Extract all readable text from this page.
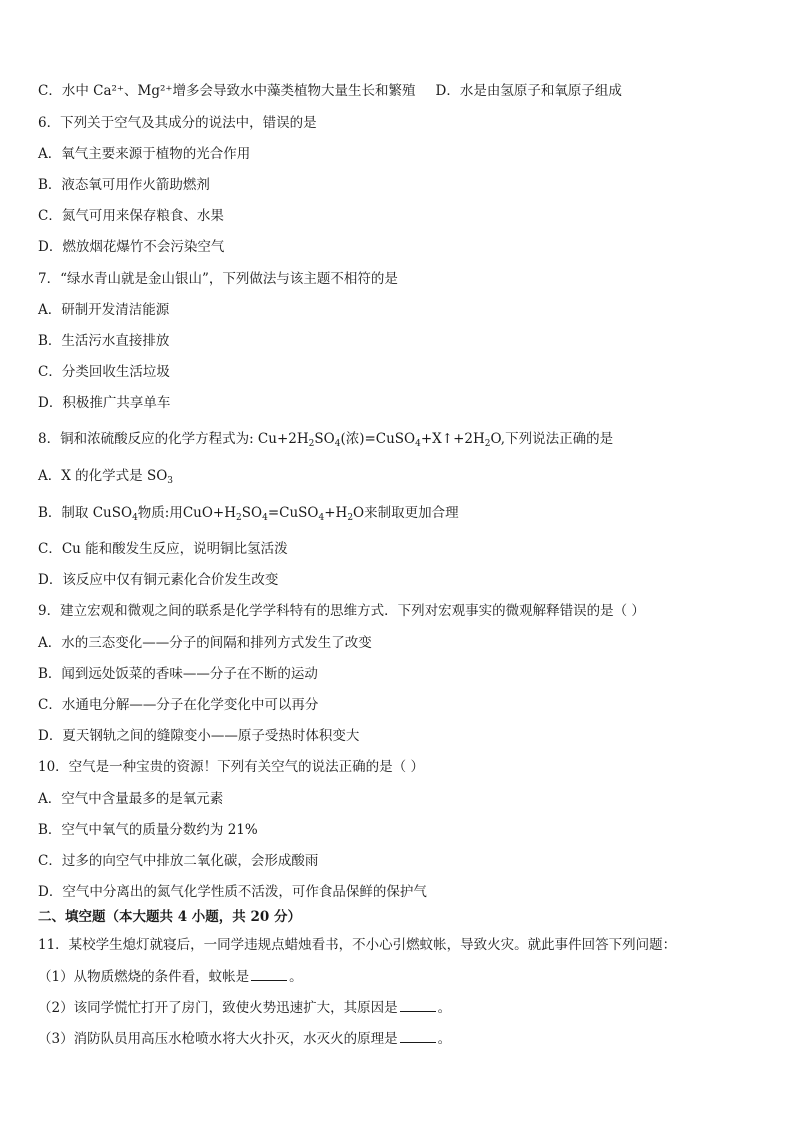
C．水中 Ca²⁺、Mg²⁺增多会导致水中藻类植物大量生长和繁殖 D．水是由氢原子和氧原子组成
6．下列关于空气及其成分的说法中，错误的是
A．氧气主要来源于植物的光合作用
B．液态氧可用作火箭助燃剂
C．氮气可用来保存粮食、水果
D．燃放烟花爆竹不会污染空气
7．“绿水青山就是金山银山”，下列做法与该主题不相符的是
A．研制开发清洁能源
B．生活污水直接排放
C．分类回收生活垃圾
D．积极推广共享单车
8．铜和浓硫酸反应的化学方程式为: $Cu+2H_2SO_4$(浓)$=CuSO_4+X↑+2H_2O$,下列说法正确的是
A．X 的化学式是 $SO_3$
B．制取 CuSO$_4$物质:用$CuO+H_2SO_4=CuSO_4+H_2O$来制取更加合理
C．Cu 能和酸发生反应，说明铜比氢活泼
D．该反应中仅有铜元素化合价发生改变
9．建立宏观和微观之间的联系是化学学科特有的思维方式．下列对宏观事实的微观解释错误的是（ ）
A．水的三态变化——分子的间隔和排列方式发生了改变
B．闻到远处饭菜的香味——分子在不断的运动
C．水通电分解——分子在化学变化中可以再分
D．夏天钢轨之间的缝隙变小——原子受热时体积变大
10．空气是一种宝贵的资源！下列有关空气的说法正确的是（ ）
A．空气中含量最多的是氧元素
B．空气中氧气的质量分数约为 21%
C．过多的向空气中排放二氧化碳，会形成酸雨
D．空气中分离出的氮气化学性质不活泼，可作食品保鲜的保护气
二、填空题（本大题共 4 小题，共 20 分）
11．某校学生熄灯就寝后，一同学违规点蜡烛看书，不小心引燃蚊帐，导致火灾。就此事件回答下列问题：
（1）从物质燃烧的条件看，蚊帐是	。
（2）该同学慌忙打开了房门，致使火势迅速扩大，其原因是	。
（3）消防队员用高压水枪喷水将大火扑灭，水灭火的原理是	。
